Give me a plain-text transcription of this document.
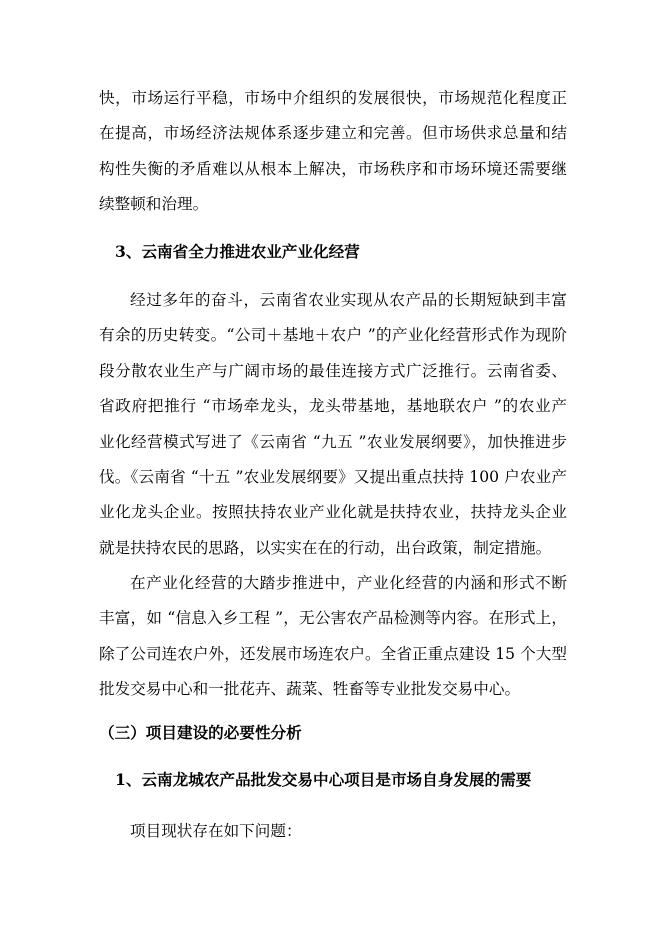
快，市场运行平稳，市场中介组织的发展很快，市场规范化程度正
在提高，市场经济法规体系逐步建立和完善。但市场供求总量和结
构性失衡的矛盾难以从根本上解决，市场秩序和市场环境还需要继
续整顿和治理。

3、云南省全力推进农业产业化经营

经过多年的奋斗，云南省农业实现从农产品的长期短缺到丰富
有余的历史转变。“公司＋基地＋农户 ”的产业化经营形式作为现阶
段分散农业生产与广阔市场的最佳连接方式广泛推行。云南省委、
省政府把推行 “市场牵龙头，龙头带基地，基地联农户 ”的农业产
业化经营模式写进了《云南省 “九五 ”农业发展纲要》，加快推进步
伐。《云南省 “十五 ”农业发展纲要》又提出重点扶持 100 户农业产
业化龙头企业。按照扶持农业产业化就是扶持农业，扶持龙头企业
就是扶持农民的思路，以实实在在的行动，出台政策，制定措施。
在产业化经营的大踏步推进中，产业化经营的内涵和形式不断
丰富，如 “信息入乡工程 ”，无公害农产品检测等内容。在形式上，
除了公司连农户外，还发展市场连农户。全省正重点建设 15 个大型
批发交易中心和一批花卉、蔬菜、牲畜等专业批发交易中心。

（三）项目建设的必要性分析

1、云南龙城农产品批发交易中心项目是市场自身发展的需要

项目现状存在如下问题：
